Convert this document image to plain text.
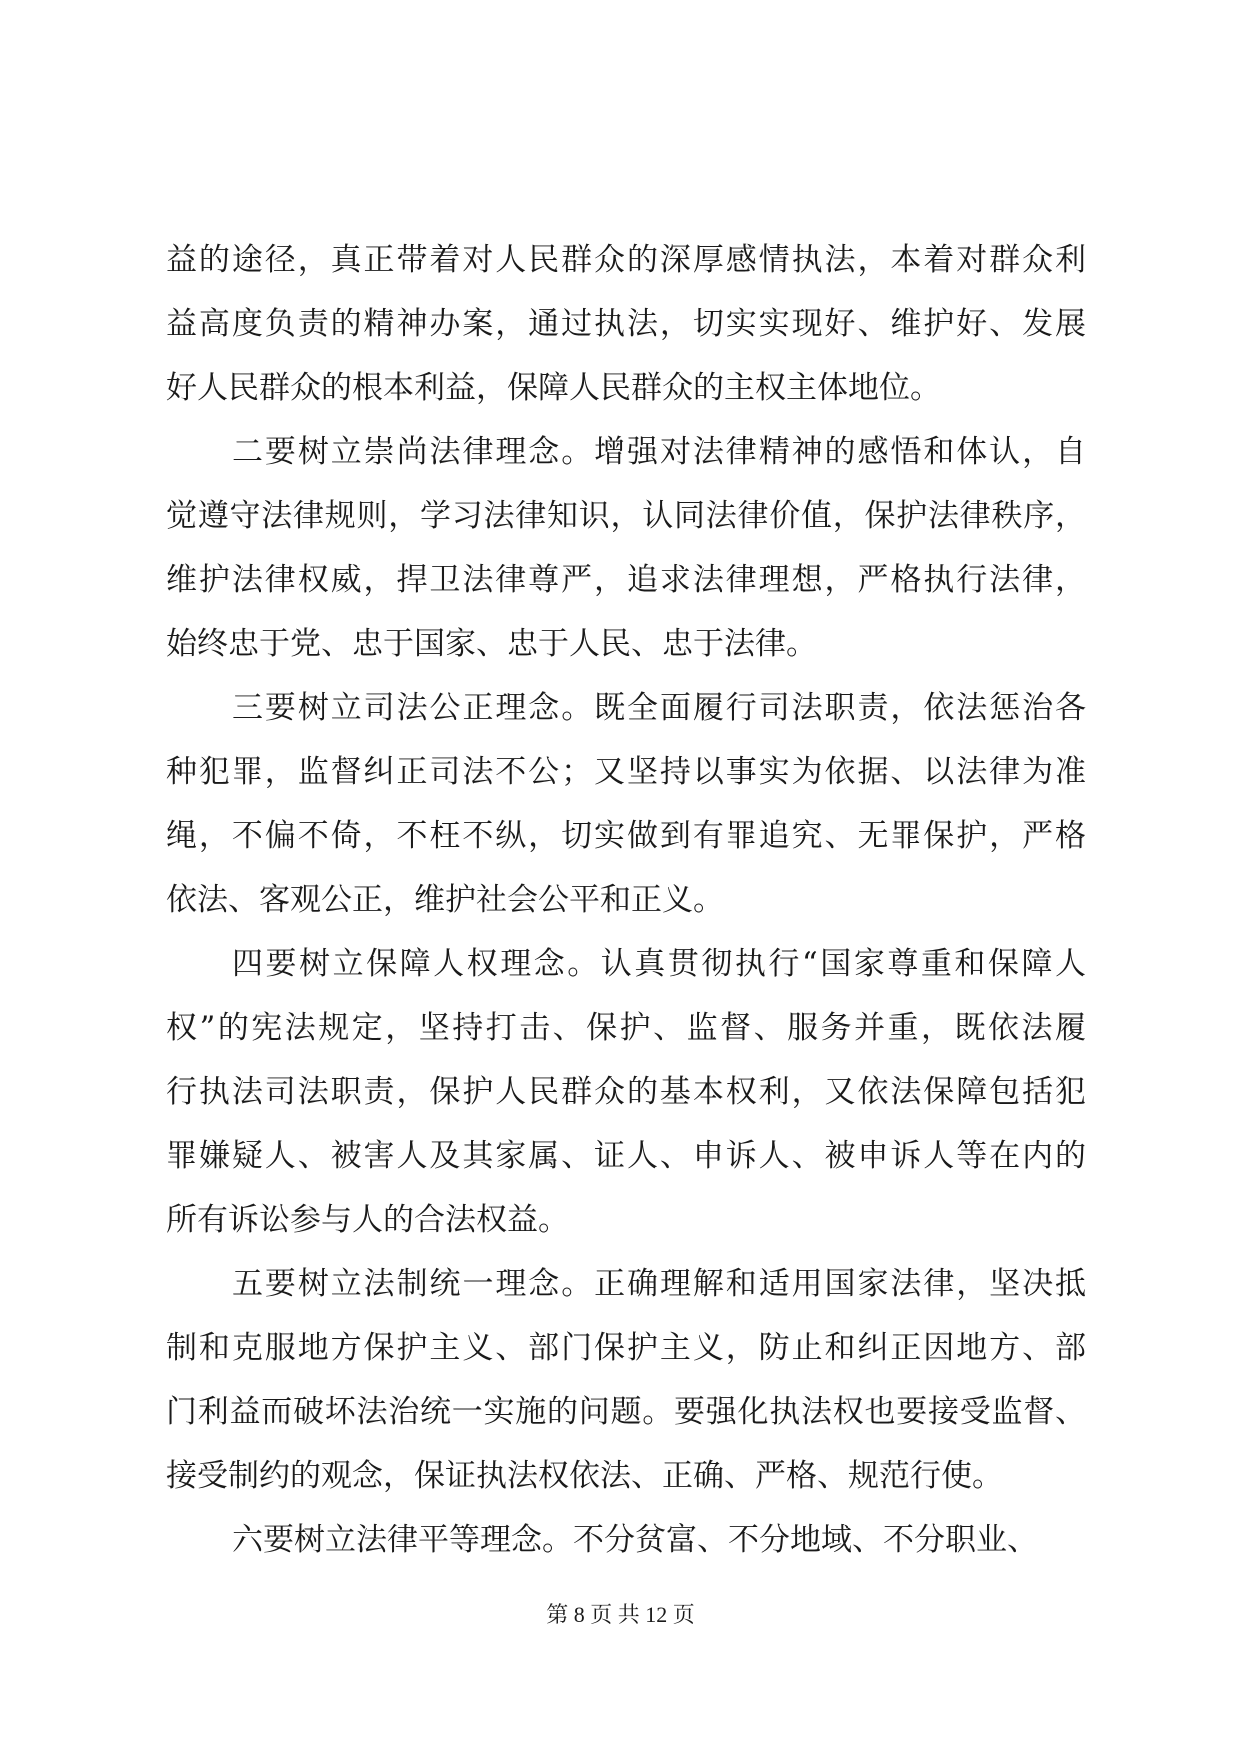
益的途径，真正带着对人民群众的深厚感情执法，本着对群众利
益高度负责的精神办案，通过执法，切实实现好、维护好、发展
好人民群众的根本利益，保障人民群众的主权主体地位。
二要树立崇尚法律理念。增强对法律精神的感悟和体认，自
觉遵守法律规则，学习法律知识，认同法律价值，保护法律秩序，
维护法律权威，捍卫法律尊严，追求法律理想，严格执行法律，
始终忠于党、忠于国家、忠于人民、忠于法律。
三要树立司法公正理念。既全面履行司法职责，依法惩治各
种犯罪，监督纠正司法不公；又坚持以事实为依据、以法律为准
绳，不偏不倚，不枉不纵，切实做到有罪追究、无罪保护，严格
依法、客观公正，维护社会公平和正义。
四要树立保障人权理念。认真贯彻执行“国家尊重和保障人
权”的宪法规定，坚持打击、保护、监督、服务并重，既依法履
行执法司法职责，保护人民群众的基本权利，又依法保障包括犯
罪嫌疑人、被害人及其家属、证人、申诉人、被申诉人等在内的
所有诉讼参与人的合法权益。
五要树立法制统一理念。正确理解和适用国家法律，坚决抵
制和克服地方保护主义、部门保护主义，防止和纠正因地方、部
门利益而破坏法治统一实施的问题。要强化执法权也要接受监督、
接受制约的观念，保证执法权依法、正确、严格、规范行使。
六要树立法律平等理念。不分贫富、不分地域、不分职业、
第 8 页 共 12 页
